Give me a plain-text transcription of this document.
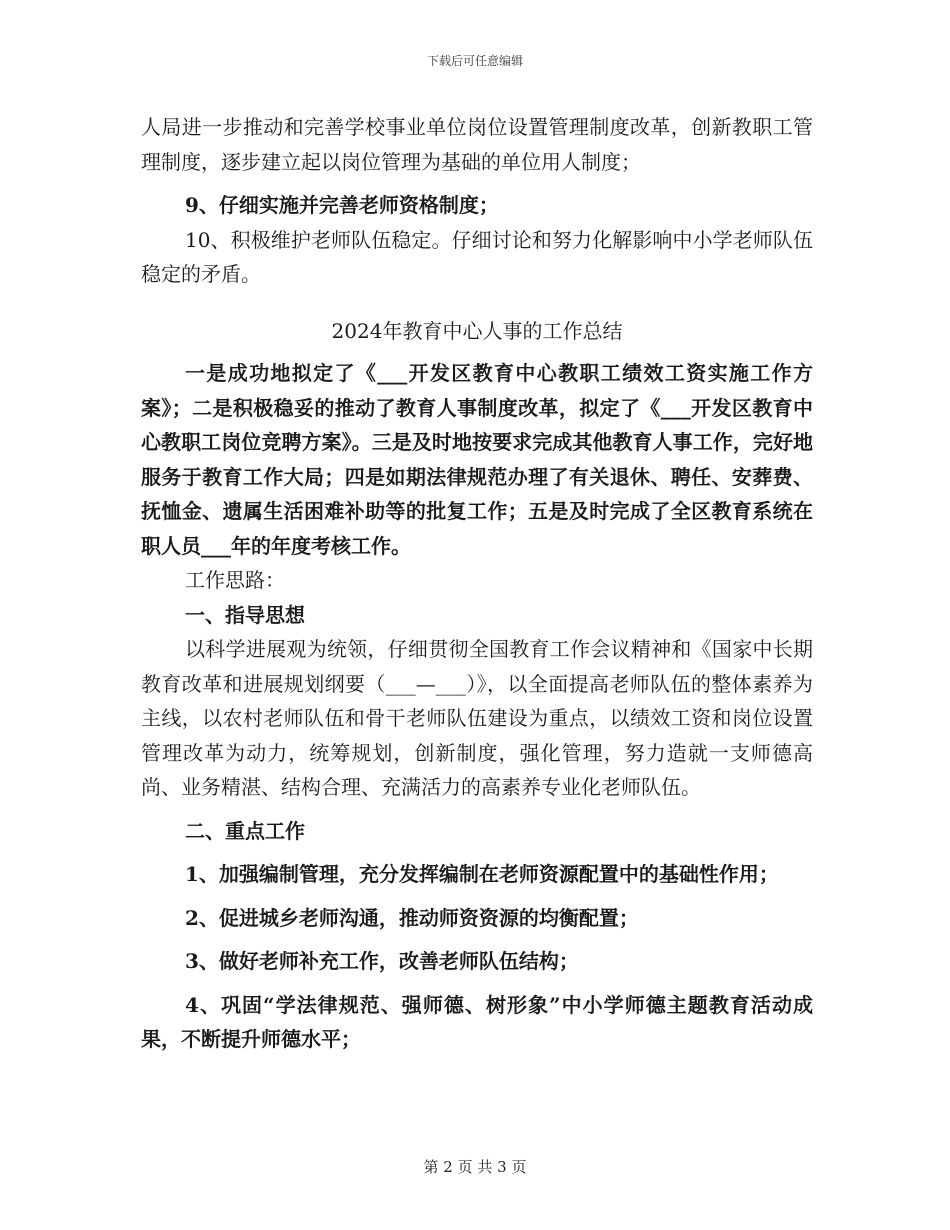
下载后可任意编辑

人局进一步推动和完善学校事业单位岗位设置管理制度改革，创新教职工管理制度，逐步建立起以岗位管理为基础的单位用人制度；

9、仔细实施并完善老师资格制度；

10、积极维护老师队伍稳定。仔细讨论和努力化解影响中小学老师队伍稳定的矛盾。

2024年教育中心人事的工作总结

一是成功地拟定了《___开发区教育中心教职工绩效工资实施工作方案》；二是积极稳妥的推动了教育人事制度改革，拟定了《___开发区教育中心教职工岗位竞聘方案》。三是及时地按要求完成其他教育人事工作，完好地服务于教育工作大局；四是如期法律规范办理了有关退休、聘任、安葬费、抚恤金、遗属生活困难补助等的批复工作；五是及时完成了全区教育系统在职人员___年的年度考核工作。

工作思路：

一、指导思想

以科学进展观为统领，仔细贯彻全国教育工作会议精神和《国家中长期教育改革和进展规划纲要（___—___）》，以全面提高老师队伍的整体素养为主线，以农村老师队伍和骨干老师队伍建设为重点，以绩效工资和岗位设置管理改革为动力，统筹规划，创新制度，强化管理，努力造就一支师德高尚、业务精湛、结构合理、充满活力的高素养专业化老师队伍。

二、重点工作

1、加强编制管理，充分发挥编制在老师资源配置中的基础性作用；

2、促进城乡老师沟通，推动师资资源的均衡配置；

3、做好老师补充工作，改善老师队伍结构；

4、巩固“学法律规范、强师德、树形象”中小学师德主题教育活动成果，不断提升师德水平；

第 2 页 共 3 页
